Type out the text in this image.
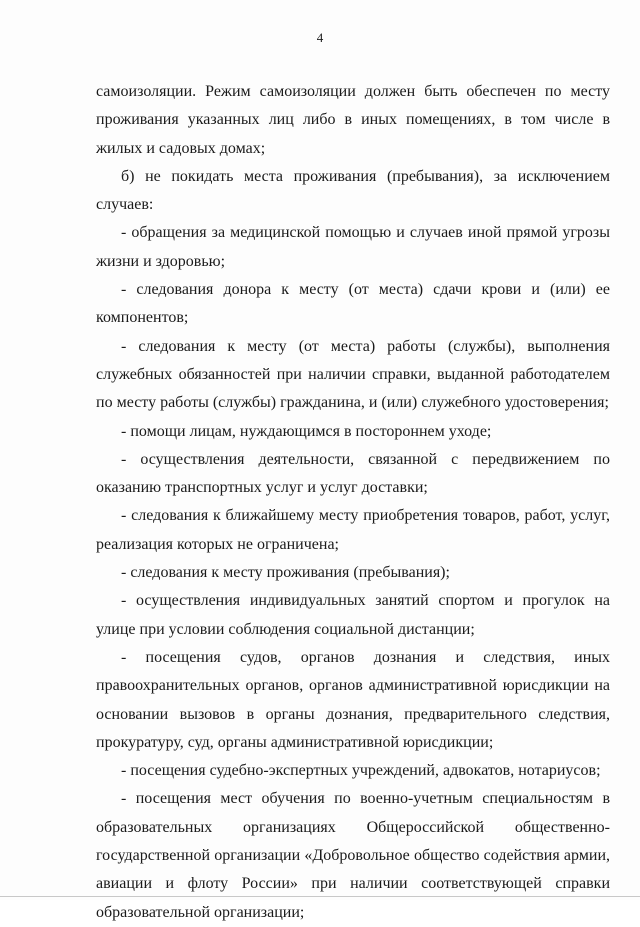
4

самоизоляции. Режим самоизоляции должен быть обеспечен по месту проживания указанных лиц либо в иных помещениях, в том числе в жилых и садовых домах;

б) не покидать места проживания (пребывания), за исключением случаев:

- обращения за медицинской помощью и случаев иной прямой угрозы жизни и здоровью;

- следования донора к месту (от места) сдачи крови и (или) ее компонентов;

- следования к месту (от места) работы (службы), выполнения служебных обязанностей при наличии справки, выданной работодателем по месту работы (службы) гражданина, и (или) служебного удостоверения;

- помощи лицам, нуждающимся в постороннем уходе;

- осуществления деятельности, связанной с передвижением по оказанию транспортных услуг и услуг доставки;

- следования к ближайшему месту приобретения товаров, работ, услуг, реализация которых не ограничена;

- следования к месту проживания (пребывания);

- осуществления индивидуальных занятий спортом и прогулок на улице при условии соблюдения социальной дистанции;

- посещения судов, органов дознания и следствия, иных правоохранительных органов, органов административной юрисдикции на основании вызовов в органы дознания, предварительного следствия, прокуратуру, суд, органы административной юрисдикции;

- посещения судебно-экспертных учреждений, адвокатов, нотариусов;

- посещения мест обучения по военно-учетным специальностям в образовательных организациях Общероссийской общественно-государственной организации «Добровольное общество содействия армии, авиации и флоту России» при наличии соответствующей справки образовательной организации;
